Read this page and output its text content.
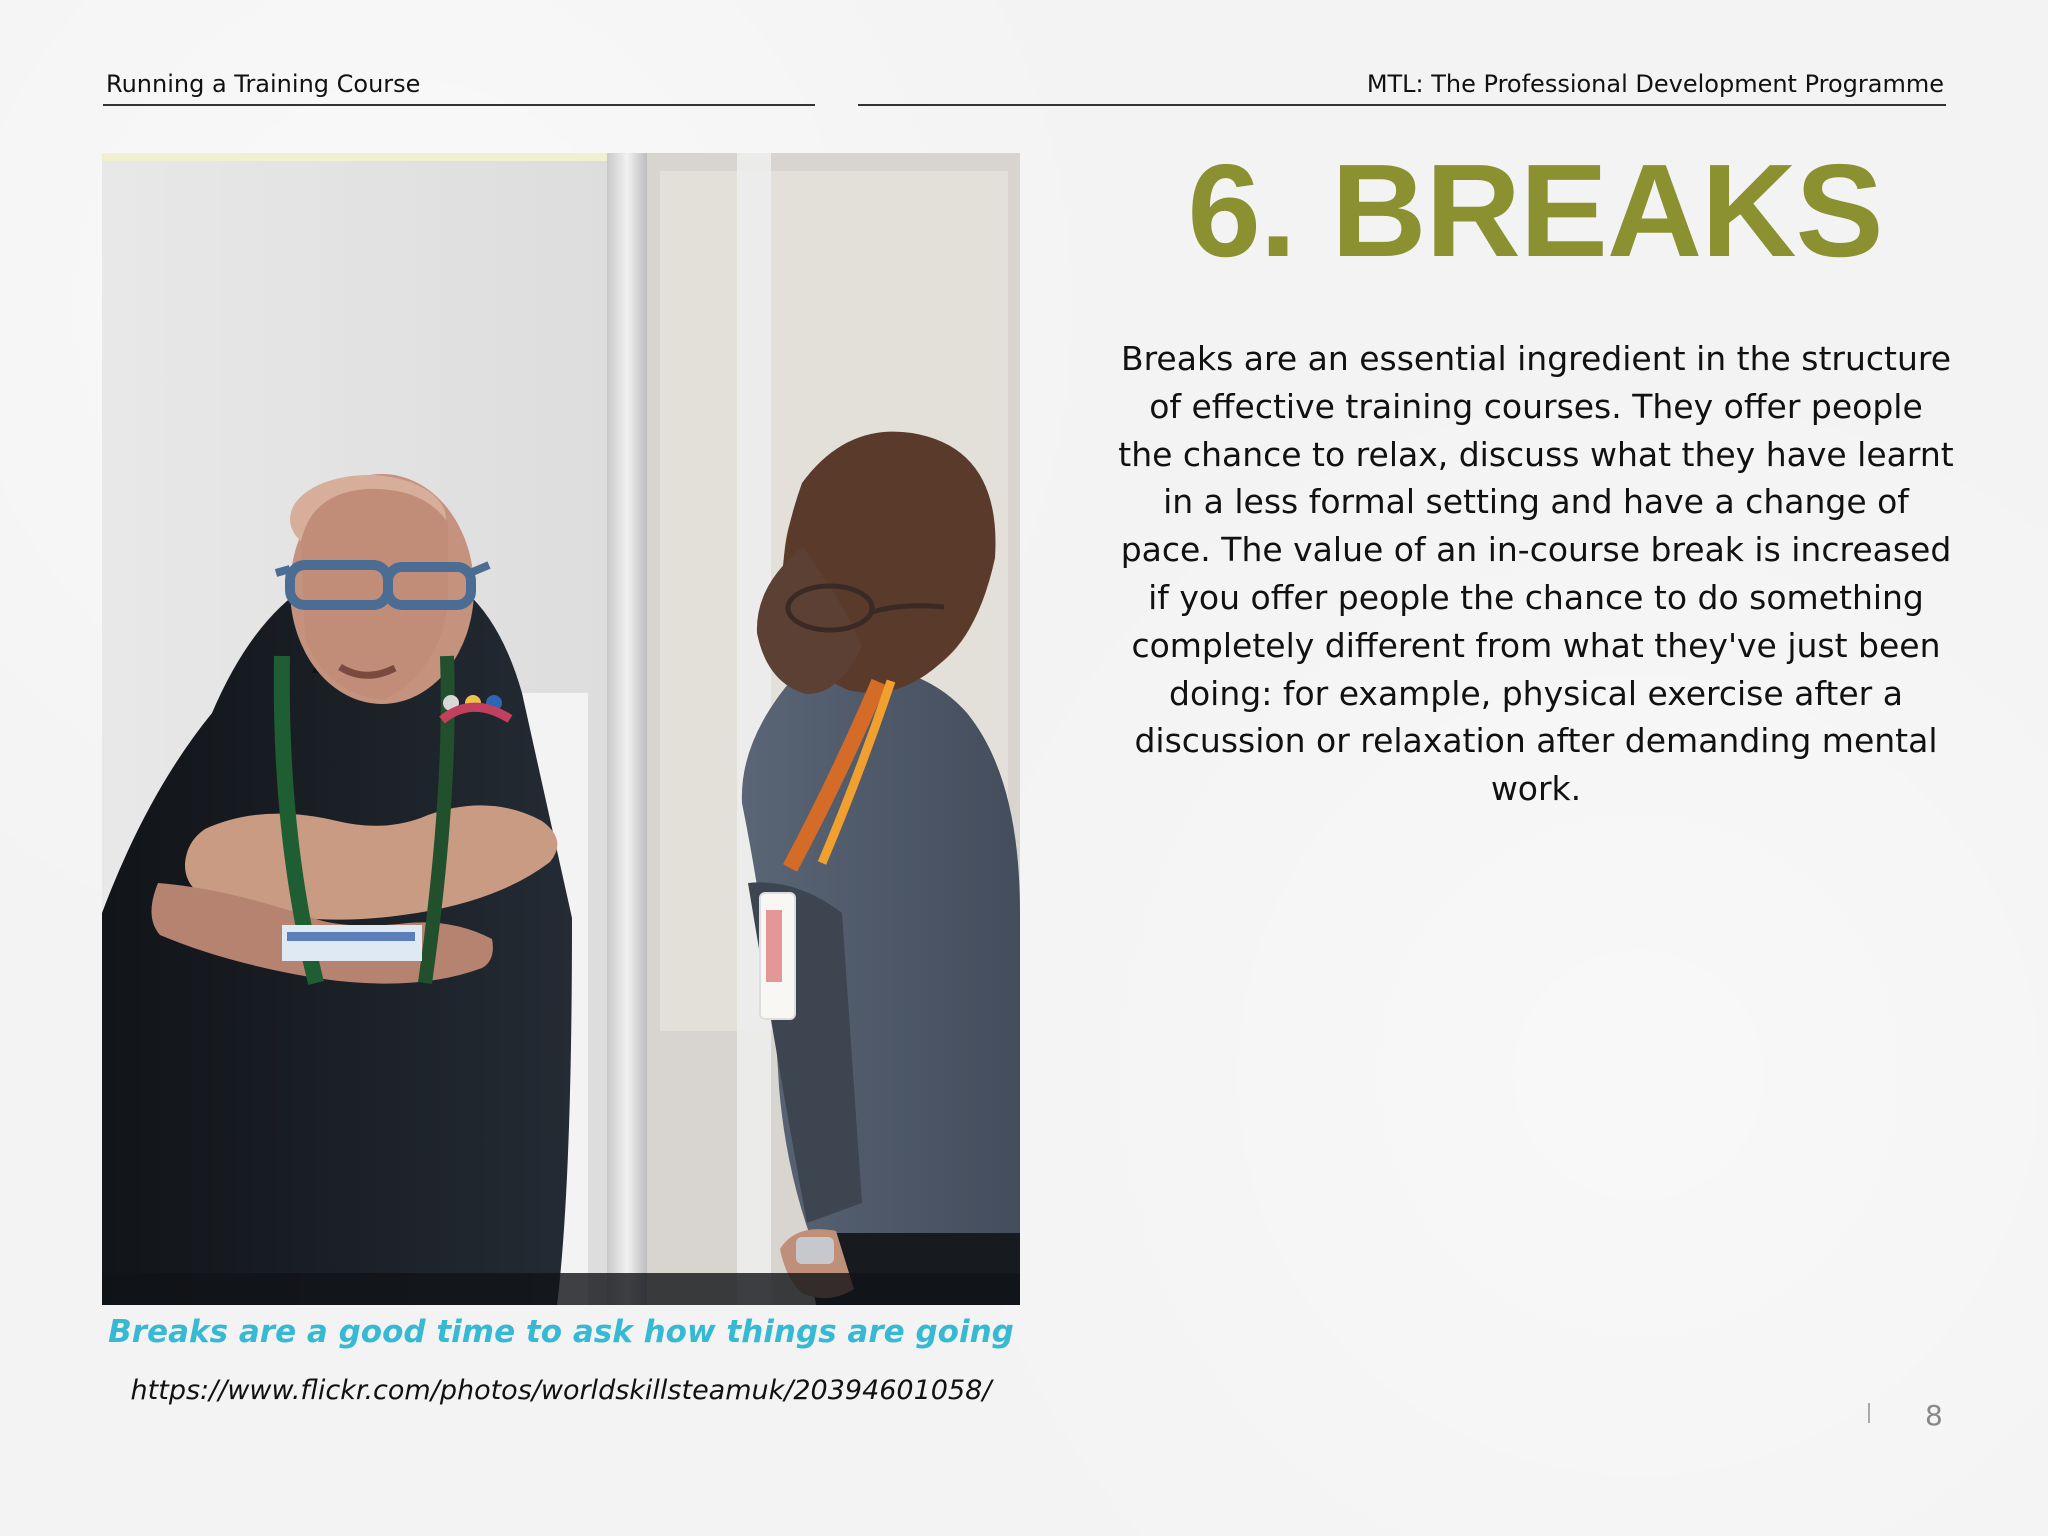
Running a Training Course	MTL: The Professional Development Programme
Breaks are a good time to ask how things are going
https://www.flickr.com/photos/worldskillsteamuk/20394601058/
6. BREAKS
Breaks are an essential ingredient in the structure of effective training courses. They offer people the chance to relax, discuss what they have learnt in a less formal setting and have a change of pace. The value of an in-course break is increased if you offer people the chance to do something completely different from what they've just been doing: for example, physical exercise after a discussion or relaxation after demanding mental work.
8
